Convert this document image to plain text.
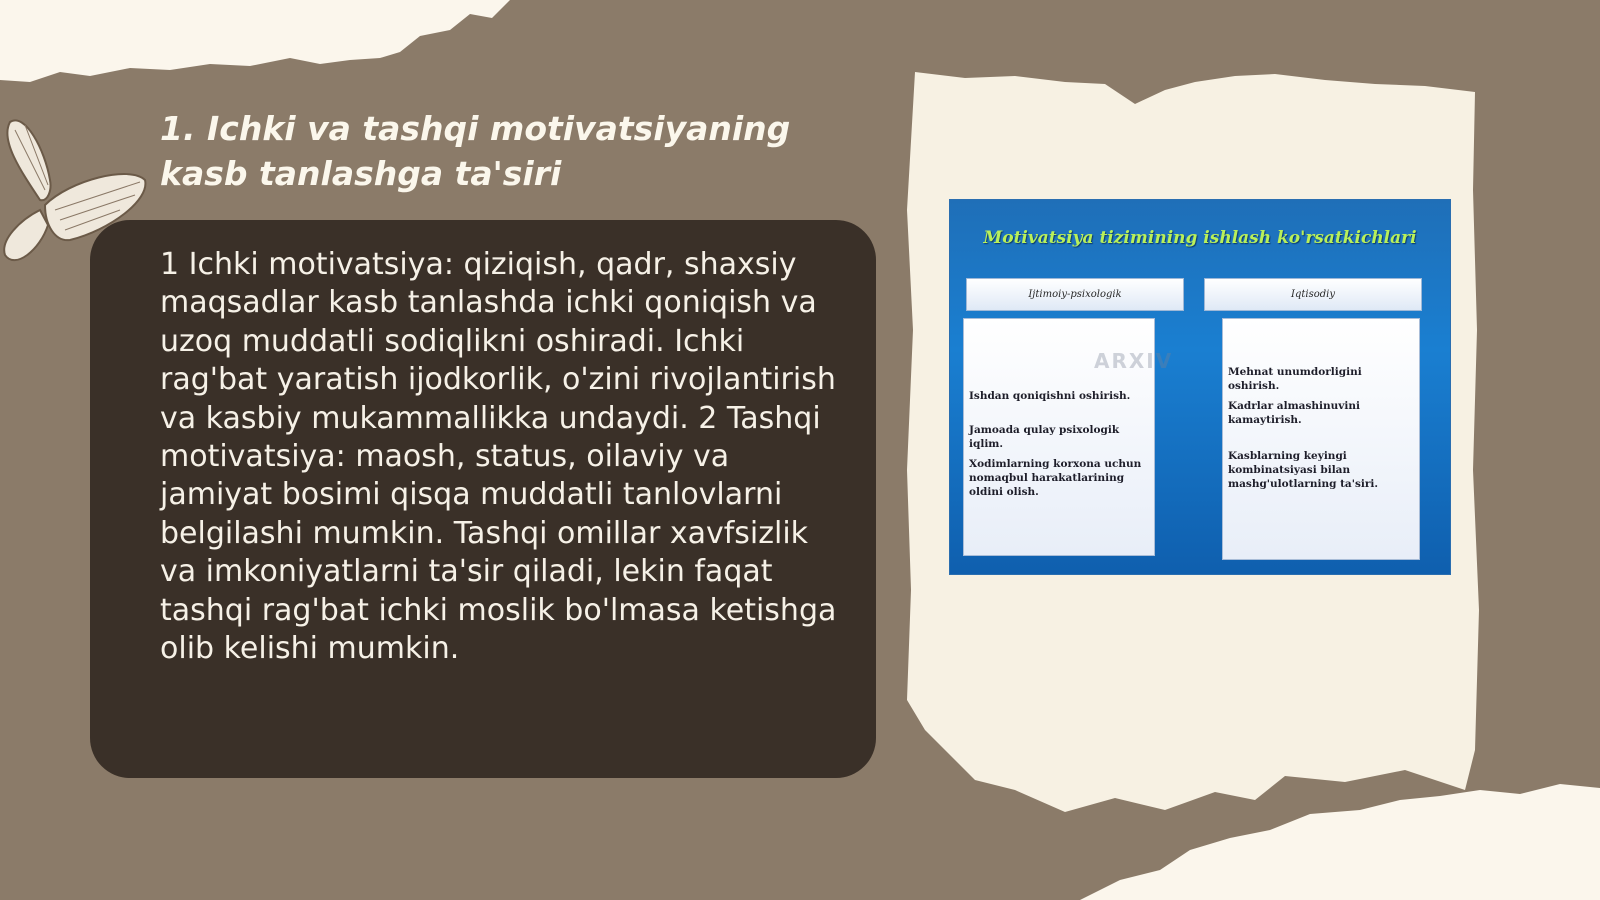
1. Ichki va tashqi motivatsiyaning
kasb tanlashga ta'siri

1 Ichki motivatsiya: qiziqish, qadr, shaxsiy maqsadlar kasb tanlashda ichki qoniqish va uzoq muddatli sodiqlikni oshiradi. Ichki rag'bat yaratish ijodkorlik, o'zini rivojlantirish va kasbiy mukammallikka undaydi. 2 Tashqi motivatsiya: maosh, status, oilaviy va jamiyat bosimi qisqa muddatli tanlovlarni belgilashi mumkin. Tashqi omillar xavfsizlik va imkoniyatlarni ta'sir qiladi, lekin faqat tashqi rag'bat ichki moslik bo'lmasa ketishga olib kelishi mumkin.

Motivatsiya tizimining ishlash ko'rsatkichlari
Ijtimoiy-psixologik	Iqtisodiy
ARXIV
Ishdan qoniqishni oshirish.
Jamoada qulay psixologik iqlim.
Xodimlarning korxona uchun nomaqbul harakatlarining oldini olish.
Mehnat unumdorligini oshirish.
Kadrlar almashinuvini kamaytirish.
Kasblarning keyingi kombinatsiyasi bilan mashg'ulotlarning ta'siri.
